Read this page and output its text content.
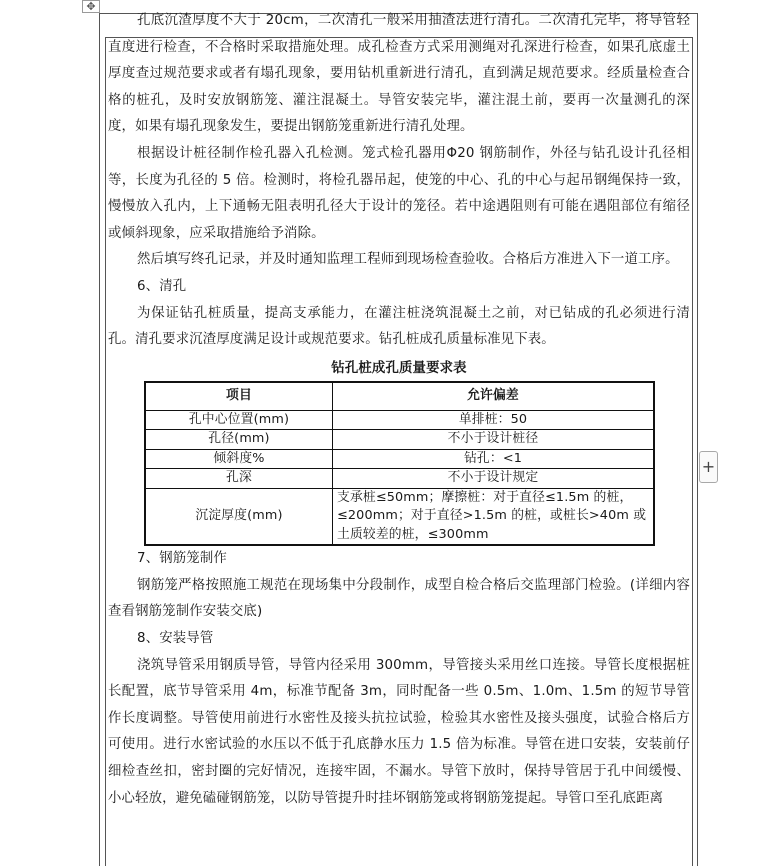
✥

孔底沉渣厚度不大于 20cm，二次清孔一般采用抽渣法进行清孔。二次清孔完毕，将导管轻直度进行检查，不合格时采取措施处理。成孔检查方式采用测绳对孔深进行检查，如果孔底虚土厚度查过规范要求或者有塌孔现象，要用钻机重新进行清孔，直到满足规范要求。经质量检查合格的桩孔，及时安放钢筋笼、灌注混凝土。导管安装完毕，灌注混土前，要再一次量测孔的深度，如果有塌孔现象发生，要提出钢筋笼重新进行清孔处理。

根据设计桩径制作检孔器入孔检测。笼式检孔器用Φ20 钢筋制作，外径与钻孔设计孔径相等，长度为孔径的 5 倍。检测时，将检孔器吊起，使笼的中心、孔的中心与起吊钢绳保持一致，慢慢放入孔内，上下通畅无阻表明孔径大于设计的笼径。若中途遇阻则有可能在遇阻部位有缩径或倾斜现象，应采取措施给予消除。

然后填写终孔记录，并及时通知监理工程师到现场检查验收。合格后方准进入下一道工序。

6、清孔

为保证钻孔桩质量，提高支承能力，在灌注桩浇筑混凝土之前，对已钻成的孔必须进行清孔。清孔要求沉渣厚度满足设计或规范要求。钻孔桩成孔质量标准见下表。

钻孔桩成孔质量要求表
项目	允许偏差
孔中心位置(mm)	单排桩：50
孔径(mm)	不小于设计桩径
倾斜度%	钻孔：<1
孔深	不小于设计规定
沉淀厚度(mm)	支承桩≤50mm；摩擦桩：对于直径≤1.5m 的桩，≤200mm；对于直径>1.5m 的桩，或桩长>40m 或土质较差的桩，≤300mm

7、钢筋笼制作

钢筋笼严格按照施工规范在现场集中分段制作，成型自检合格后交监理部门检验。(详细内容查看钢筋笼制作安装交底)

8、安装导管

浇筑导管采用钢质导管，导管内径采用 300mm，导管接头采用丝口连接。导管长度根据桩长配置，底节导管采用 4m，标准节配备 3m，同时配备一些 0.5m、1.0m、1.5m 的短节导管作长度调整。导管使用前进行水密性及接头抗拉试验，检验其水密性及接头强度，试验合格后方可使用。进行水密试验的水压以不低于孔底静水压力 1.5 倍为标准。导管在进口安装，安装前仔细检查丝扣，密封圈的完好情况，连接牢固，不漏水。导管下放时，保持导管居于孔中间缓慢、小心轻放，避免磕碰钢筋笼，以防导管提升时挂坏钢筋笼或将钢筋笼提起。导管口至孔底距离

+
